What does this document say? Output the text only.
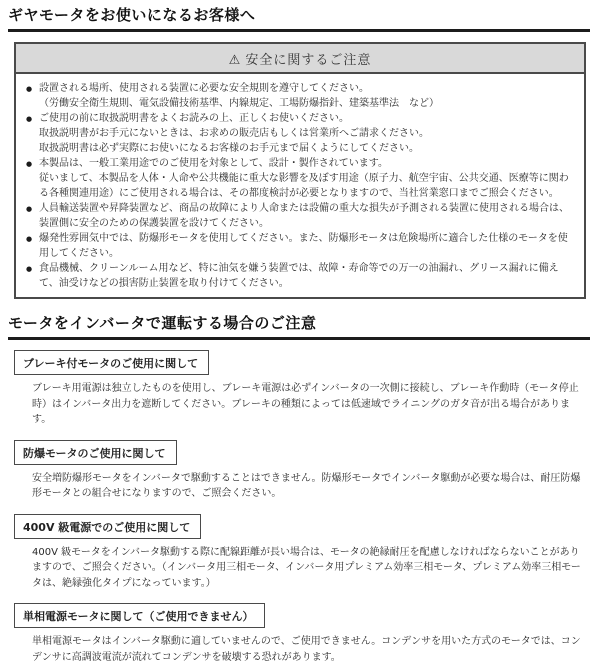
ギヤモータをお使いになるお客様へ
⚠ 安全に関するご注意
● 設置される場所、使用される装置に必要な安全規則を遵守してください。
（労働安全衛生規則、電気設備技術基準、内線規定、工場防爆指針、建築基準法　など）
● ご使用の前に取扱説明書をよくお読みの上、正しくお使いください。
取扱説明書がお手元にないときは、お求めの販売店もしくは営業所へご請求ください。
取扱説明書は必ず実際にお使いになるお客様のお手元まで届くようにしてください。
● 本製品は、一般工業用途でのご使用を対象として、設計・製作されています。
従いまして、本製品を人体・人命や公共機能に重大な影響を及ぼす用途（原子力、航空宇宙、公共交通、医療等に関わる各種関連用途）にご使用される場合は、その都度検討が必要となりますので、当社営業窓口までご照会ください。
● 人員輸送装置や昇降装置など、商品の故障により人命または設備の重大な損失が予測される装置に使用される場合は、装置側に安全のための保護装置を設けてください。
● 爆発性雰囲気中では、防爆形モータを使用してください。また、防爆形モータは危険場所に適合した仕様のモータを使用してください。
● 食品機械、クリーンルーム用など、特に油気を嫌う装置では、故障・寿命等での万一の油漏れ、グリース漏れに備えて、油受けなどの損害防止装置を取り付けてください。
モータをインバータで運転する場合のご注意
ブレーキ付モータのご使用に関して

ブレーキ用電源は独立したものを使用し、ブレーキ電源は必ずインバータの一次側に接続し、ブレーキ作動時（モータ停止時）はインバータ出力を遮断してください。ブレーキの種類によっては低速域でライニングのガタ音が出る場合があります。

防爆モータのご使用に関して

安全増防爆形モータをインバータで駆動することはできません。防爆形モータでインバータ駆動が必要な場合は、耐圧防爆形モータとの組合せになりますので、ご照会ください。

400V 級電源でのご使用に関して

400V 級モータをインバータ駆動する際に配線距離が長い場合は、モータの絶縁耐圧を配慮しなければならないことがありますので、ご照会ください。（インバータ用三相モータ、インバータ用プレミアム効率三相モータ、プレミアム効率三相モータは、絶縁強化タイプになっています。）

単相電源モータに関して（ご使用できません）

単相電源モータはインバータ駆動に適していませんので、ご使用できません。コンデンサを用いた方式のモータでは、コンデンサに高調波電流が流れてコンデンサを破壊する恐れがあります。
